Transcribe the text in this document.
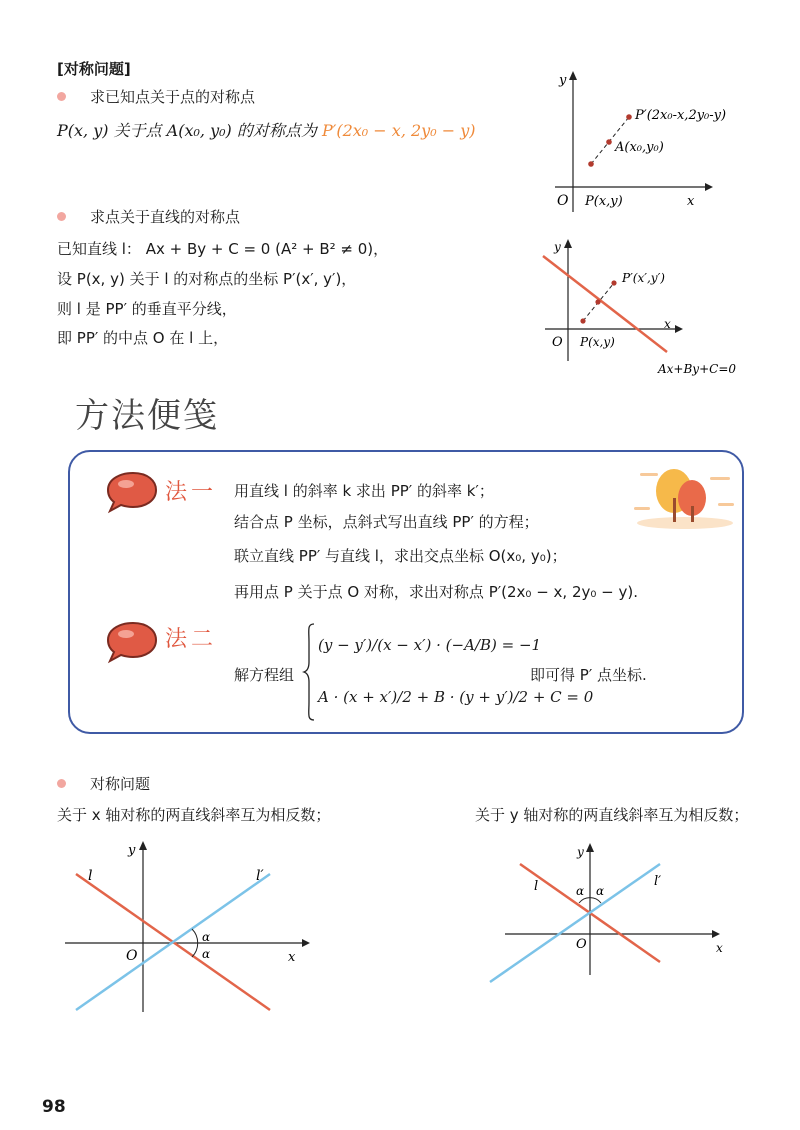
[对称问题]
求已知点关于点的对称点
P(x, y) 关于点 A(x₀, y₀) 的对称点为 P′(2x₀ − x, 2y₀ − y)
y
x
O P(x,y)
A(x₀,y₀)
P′(2x₀-x,2y₀-y)
求点关于直线的对称点
已知直线 l： Ax + By + C = 0 (A² + B² ≠ 0)，
设 P(x, y) 关于 l 的对称点的坐标 P′(x′, y′)，
则 l 是 PP′ 的垂直平分线，
即 PP′ 的中点 O 在 l 上，
y
x
O P(x,y)
P′(x′,y′)
Ax+By+C=0
方法便笺
法一 用直线 l 的斜率 k 求出 PP′ 的斜率 k′；
结合点 P 坐标，点斜式写出直线 PP′ 的方程；
联立直线 PP′ 与直线 l，求出交点坐标 O(x₀, y₀)；
再用点 P 关于点 O 对称，求出对称点 P′(2x₀ − x, 2y₀ − y).
法二
解方程组
(y − y′)/(x − x′) · (−A/B) = −1
A · (x + x′)/2 + B · (y + y′)/2 + C = 0
即可得 P′ 点坐标.
对称问题
关于 x 轴对称的两直线斜率互为相反数；	关于 y 轴对称的两直线斜率互为相反数；
y
x
O
l	l′
α
α
y
x
O
l	l′
α α
98
